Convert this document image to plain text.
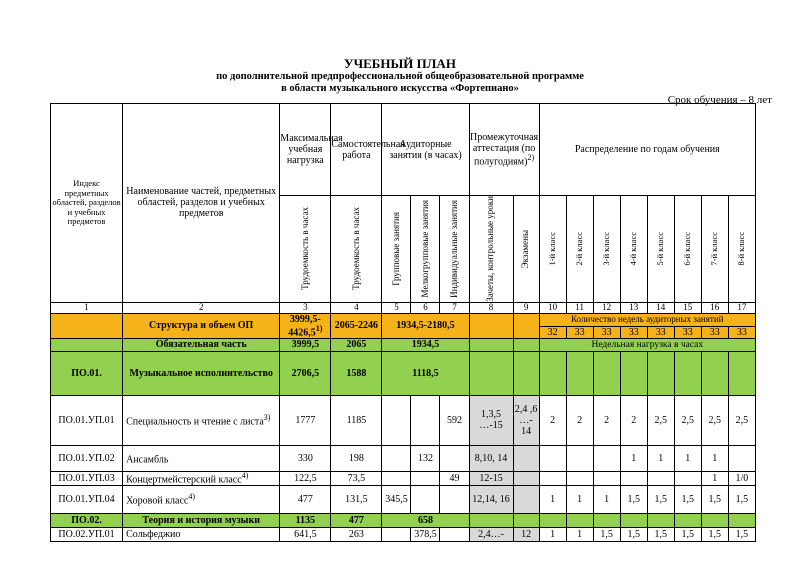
УЧЕБНЫЙ ПЛАН
по дополнительной предпрофессиональной общеобразовательной программе
в области музыкального искусства «Фортепиано»
Срок обучения – 8 лет
Индекс предметных областей, разделов и учебных предметов	Наименование частей, предметных областей, разделов и учебных предметов	Максимальная учебная нагрузка	Самостоятельная работа	Аудиторные занятия (в часах)			Промежуточная аттестация (по полугодиям)$^{2)}$		Распределение по годам обучения							

		Трудоемкость в часах	Трудоемкость в часах	Групповые занятия	Мелкогрупповые занятия	Индивидуальные занятия	Зачеты, контрольные уроки	Экзамены	1-й класс	2-й класс	3-й класс	4-й класс	5-й класс	6-й класс	7-й класс	8-й класс

1	2	3	4	5	6	7	8	9	10	11	12	13	14	15	16	17
	Структура и объем ОП	3999,5-4426,5$^{1)}$	2065-2246	1934,5-2180,5					Количество недель аудиторных занятий							
									32	33	33	33	33	33	33	33
	Обязательная часть	3999,5	2065	1934,5					Недельная нагрузка в часах							
ПО.01.	Музыкальное исполнительство	2706,5	1588	1118,5												
ПО.01.УП.01	Специальность и чтение с листа$^{3)}$	1777	1185			592	1,3,5 …-15	2,4 ,6 …- 14	2	2	2	2	2,5	2,5	2,5	2,5
ПО.01.УП.02	Ансамбль	330	198		132		8,10, 14					1	1	1	1	
ПО.01.УП.03	Концертмейстерский класс$^{4)}$	122,5	73,5			49	12-15								1	1/0
ПО.01.УП.04	Хоровой класс$^{4)}$	477	131,5	345,5			12,14, 16		1	1	1	1,5	1,5	1,5	1,5	1,5
ПО.02.	Теория и история музыки	1135	477	658												
ПО.02.УП.01	Сольфеджио	641,5	263		378,5		2,4…-	12	1	1	1,5	1,5	1,5	1,5	1,5	1,5
